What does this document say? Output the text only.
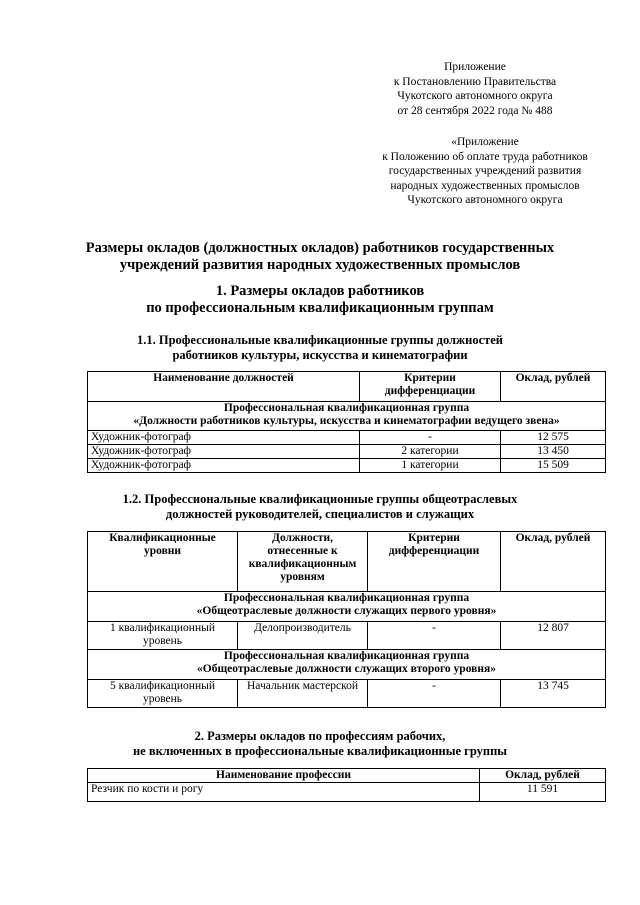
Приложение
к Постановлению Правительства
Чукотского автономного округа
от 28 сентября 2022 года № 488
«Приложение
к Положению об оплате труда работников
государственных учреждений развития
народных художественных промыслов
Чукотского автономного округа
Размеры окладов (должностных окладов) работников государственных
учреждений развития народных художественных промыслов
1. Размеры окладов работников
по профессиональным квалификационным группам
1.1. Профессиональные квалификационные группы должностей
работников культуры, искусства и кинематографии
Наименование должностей	Критерии дифференциации	Оклад, рублей

Профессиональная квалификационная группа
«Должности работников культуры, искусства и кинематографии ведущего звена»		

Художник-фотограф	-	12 575
Художник-фотограф	2 категории	13 450
Художник-фотограф	1 категории	15 509
1.2. Профессиональные квалификационные группы общеотраслевых
должностей руководителей, специалистов и служащих
Квалификационные уровни	Должности, отнесенные к квалификационным уровням	Критерии дифференциации	Оклад, рублей

Профессиональная квалификационная группа
«Общеотраслевые должности служащих первого уровня»			

1 квалификационный уровень	Делопроизводитель	-	12 807

Профессиональная квалификационная группа
«Общеотраслевые должности служащих второго уровня»			

5 квалификационный уровень	Начальник мастерской	-	13 745
2. Размеры окладов по профессиям рабочих,
не включенных в профессиональные квалификационные группы
Наименование профессии	Оклад, рублей
Резчик по кости и рогу	11 591
